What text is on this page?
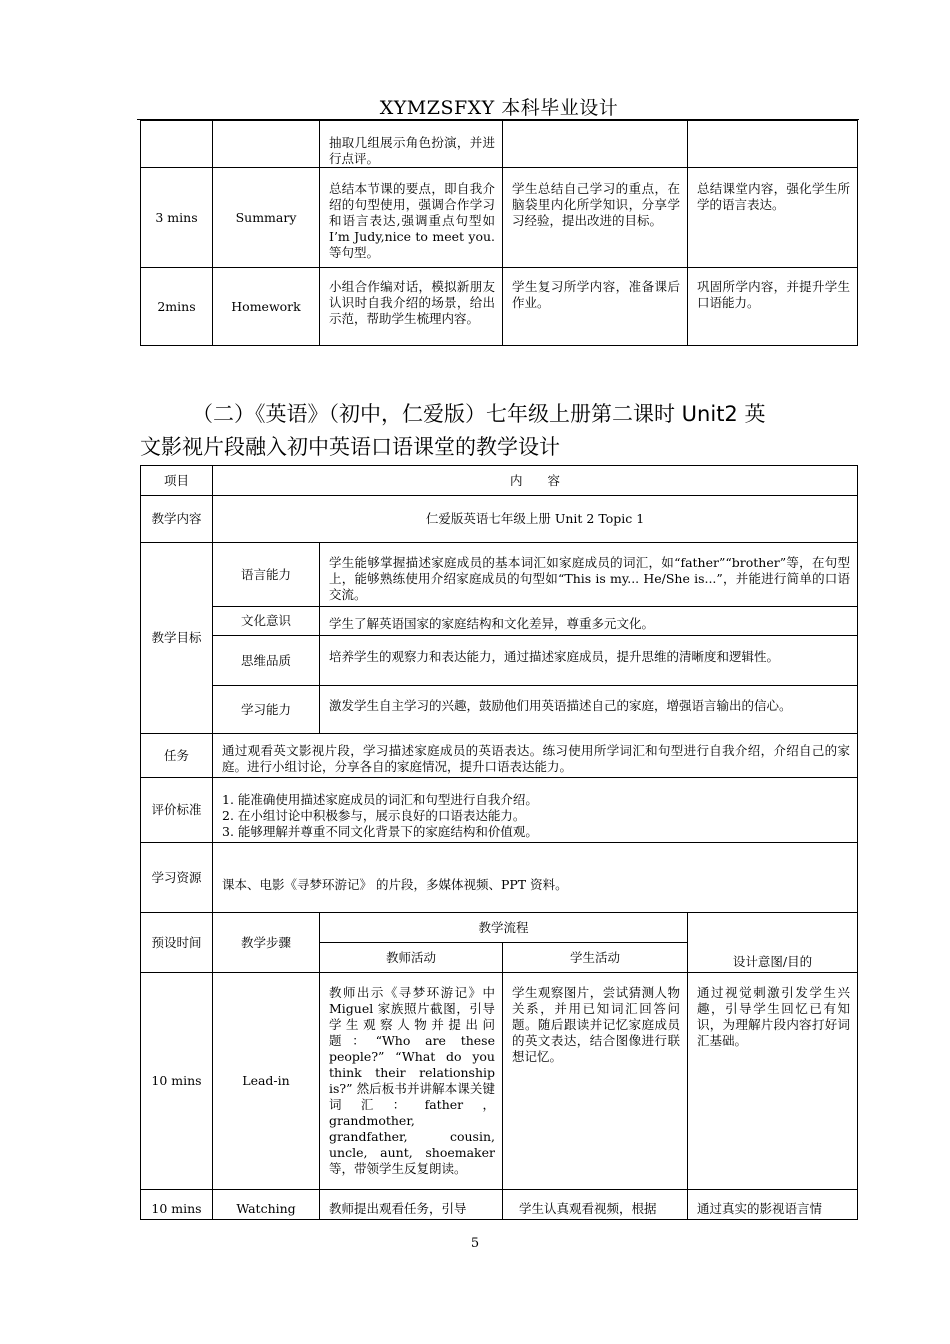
XYMZSFXY 本科毕业设计

		抽取几组展示角色扮演，并进行点评。		

3 mins	Summary	总结本节课的要点，即自我介绍的句型使用，强调合作学习和语言表达,强调重点句型如 I’m Judy,nice to meet you.等句型。	学生总结自己学习的重点，在脑袋里内化所学知识，分享学习经验，提出改进的目标。	总结课堂内容，强化学生所学的语言表达。

2mins	Homework	小组合作编对话，模拟新朋友认识时自我介绍的场景，给出示范，帮助学生梳理内容。	学生复习所学内容，准备课后作业。	巩固所学内容，并提升学生口语能力。
（二）《英语》（初中，仁爱版）七年级上册第二课时 Unit2 英
文影视片段融入初中英语口语课堂的教学设计
项目	内　　容			
教学内容	仁爱版英语七年级上册 Unit 2 Topic 1			
教学目标	语言能力	学生能够掌握描述家庭成员的基本词汇如家庭成员的词汇，如“father”“brother”等，在句型上，能够熟练使用介绍家庭成员的句型如“This is my... He/She is...”，并能进行简单的口语交流。		

	文化意识	学生了解英语国家的家庭结构和文化差异，尊重多元文化。		

	思维品质	培养学生的观察力和表达能力，通过描述家庭成员，提升思维的清晰度和逻辑性。		

	学习能力	激发学生自主学习的兴趣，鼓励他们用英语描述自己的家庭，增强语言输出的信心。		

任务	通过观看英文影视片段，学习描述家庭成员的英语表达。练习使用所学词汇和句型进行自我介绍，介绍自己的家庭。进行小组讨论，分享各自的家庭情况，提升口语表达能力。			

评价标准	1. 能准确使用描述家庭成员的词汇和句型进行自我介绍。
2. 在小组讨论中积极参与，展示良好的口语表达能力。
3. 能够理解并尊重不同文化背景下的家庭结构和价值观。			

学习资源	课本、电影《寻梦环游记》 的片段，多媒体视频、PPT 资料。			

预设时间	教学步骤	教学流程		设计意图/目的
		教师活动	学生活动	
10 mins	Lead-in	教师出示《寻梦环游记》中 Miguel 家族照片截图，引导学生观察人物并提出问题：“Who are these people?” “What do you think their relationship is?” 然后板书并讲解本课关键词汇：father，grandmother, grandfather, cousin, uncle, aunt, shoemaker 等，带领学生反复朗读。	学生观察图片，尝试猜测人物关系，并用已知词汇回答问题。随后跟读并记忆家庭成员的英文表达，结合图像进行联想记忆。	通过视觉刺激引发学生兴趣，引导学生回忆已有知识，为理解片段内容打好词汇基础。

10 mins	Watching	教师提出观看任务，引导	学生认真观看视频，根据	通过真实的影视语言情
5
